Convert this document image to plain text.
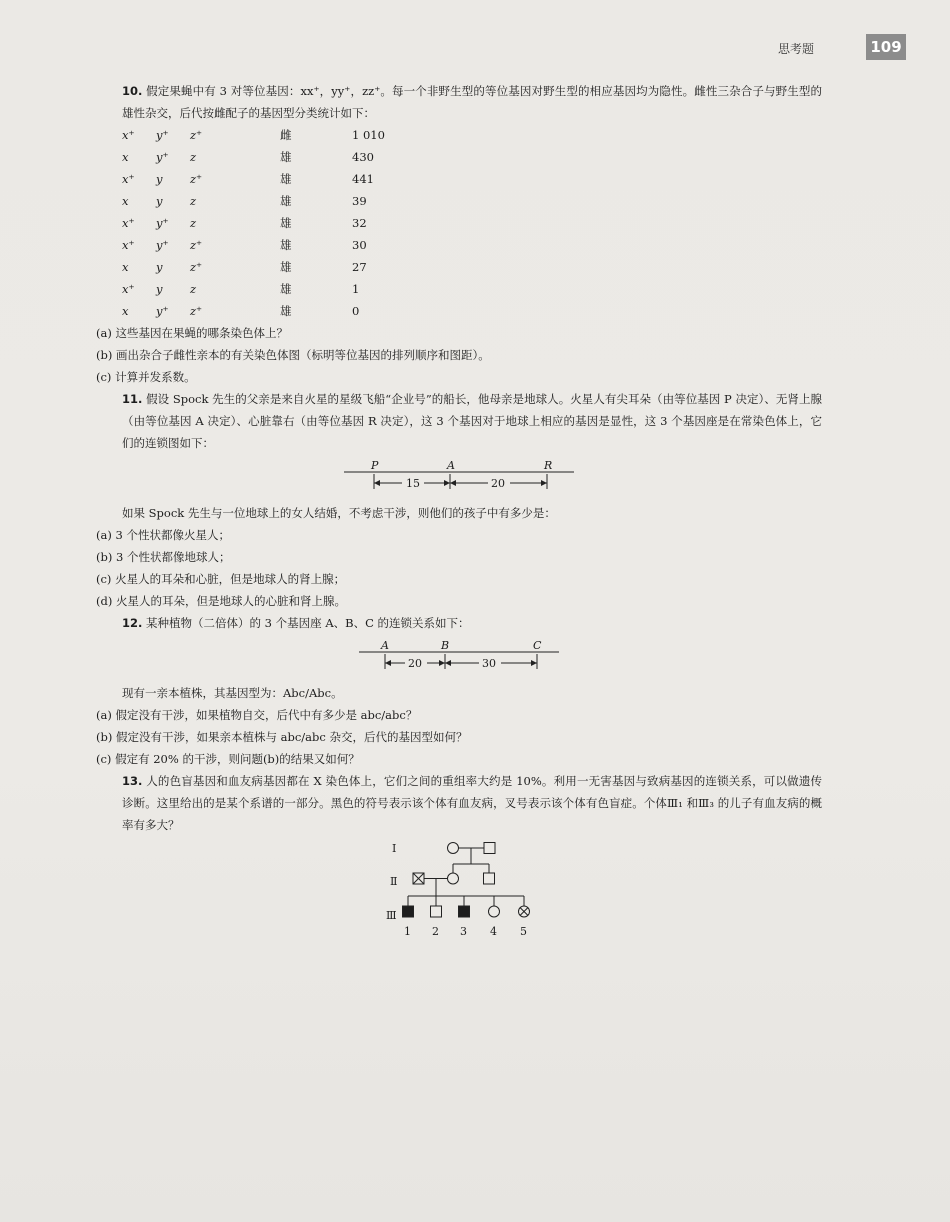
思考题	109

10. 假定果蝇中有 3 对等位基因：xx⁺，yy⁺，zz⁺。每一个非野生型的等位基因对野生型的相应基因均为隐性。雌性三杂合子与野生型的雄性杂交，后代按雌配子的基因型分类统计如下：

x⁺	y⁺	z⁺	雌	1 010
x	y⁺	z	雄	430
x⁺	y	z⁺	雄	441
x	y	z	雄	39
x⁺	y⁺	z	雄	32
x⁺	y⁺	z⁺	雄	30
x	y	z⁺	雄	27
x⁺	y	z	雄	1
x	y⁺	z⁺	雄	0

(a) 这些基因在果蝇的哪条染色体上？

(b) 画出杂合子雌性亲本的有关染色体图（标明等位基因的排列顺序和图距）。

(c) 计算并发系数。

11. 假设 Spock 先生的父亲是来自火星的星级飞船“企业号”的船长，他母亲是地球人。火星人有尖耳朵（由等位基因 P 决定）、无肾上腺（由等位基因 A 决定）、心脏靠右（由等位基因 R 决定），这 3 个基因对于地球上相应的基因是显性，这 3 个基因座是在常染色体上，它们的连锁图如下：

P	A	R
15	20

如果 Spock 先生与一位地球上的女人结婚，不考虑干涉，则他们的孩子中有多少是：

(a) 3 个性状都像火星人；

(b) 3 个性状都像地球人；

(c) 火星人的耳朵和心脏，但是地球人的肾上腺；

(d) 火星人的耳朵，但是地球人的心脏和肾上腺。

12. 某种植物（二倍体）的 3 个基因座 A、B、C 的连锁关系如下：

A	B	C
20	30

现有一亲本植株，其基因型为：Abc/Abc。

(a) 假定没有干涉，如果植物自交，后代中有多少是 abc/abc？

(b) 假定没有干涉，如果亲本植株与 abc/abc 杂交，后代的基因型如何？

(c) 假定有 20% 的干涉，则问题(b)的结果又如何？

13. 人的色盲基因和血友病基因都在 X 染色体上，它们之间的重组率大约是 10%。利用一无害基因与致病基因的连锁关系，可以做遗传诊断。这里给出的是某个系谱的一部分。黑色的符号表示该个体有血友病，叉号表示该个体有色盲症。个体Ⅲ₁ 和Ⅲ₃ 的儿子有血友病的概率有多大？

Ⅰ
Ⅱ
Ⅲ
1 2 3 4 5
